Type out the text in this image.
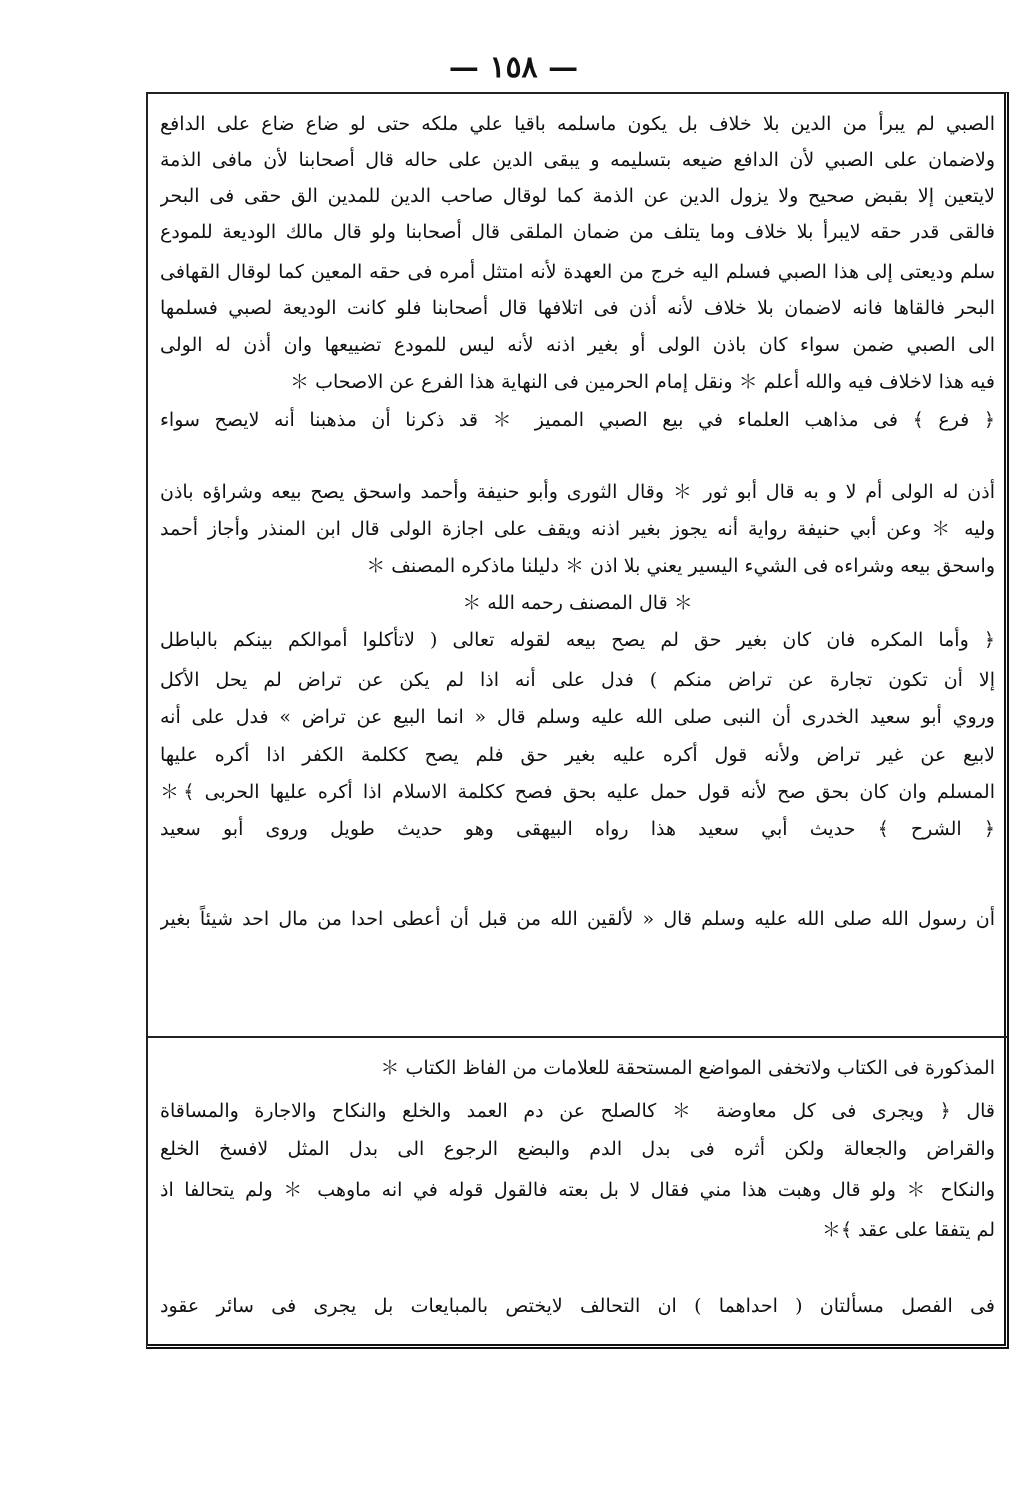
— ١٥٨ —
الصبي لم يبرأ من الدين بلا خلاف بل يكون ماسلمه باقيا علي ملكه حتى لو ضاع ضاع على الدافع
ولاضمان على الصبي لأن الدافع ضيعه بتسليمه و يبقى الدين على حاله قال أصحابنا لأن مافى الذمة
لايتعين إلا بقبض صحيح ولا يزول الدين عن الذمة كما لوقال صاحب الدين للمدين الق حقى فى البحر
فالقى قدر حقه لايبرأ بلا خلاف وما يتلف من ضمان الملقى قال أصحابنا ولو قال مالك الوديعة للمودع
سلم وديعتى إلى هذا الصبي فسلم اليه خرج من العهدة لأنه امتثل أمره فى حقه المعين كما لوقال القهافى
البحر فالقاها فانه لاضمان بلا خلاف لأنه أذن فى اتلافها قال أصحابنا فلو كانت الوديعة لصبي فسلمها
الى الصبي ضمن سواء كان باذن الولى أو بغير اذنه لأنه ليس للمودع تضييعها وان أذن له الولى
فيه هذا لاخلاف فيه والله أعلم ＊ ونقل إمام الحرمين فى النهاية هذا الفرع عن الاصحاب ＊
﴿ فرع ﴾ فى مذاهب العلماء في بيع الصبي المميز ＊ قد ذكرنا أن مذهبنا أنه لايصح سواء
أذن له الولى أم لا و به قال أبو ثور ＊ وقال الثورى وأبو حنيفة وأحمد واسحق يصح بيعه وشراؤه باذن
وليه ＊ وعن أبي حنيفة رواية أنه يجوز بغير اذنه ويقف على اجازة الولى قال ابن المنذر وأجاز أحمد
واسحق بيعه وشراءه فى الشيء اليسير يعني بلا اذن ＊ دليلنا ماذكره المصنف ＊
＊ قال المصنف رحمه الله ＊
﴿ وأما المكره فان كان بغير حق لم يصح بيعه لقوله تعالى ( لاتأكلوا أموالكم بينكم بالباطل
إلا أن تكون تجارة عن تراض منكم ) فدل على أنه اذا لم يكن عن تراض لم يحل الأكل
وروي أبو سعيد الخدرى أن النبى صلى الله عليه وسلم قال « انما البيع عن تراض » فدل على أنه
لابيع عن غير تراض ولأنه قول أكره عليه بغير حق فلم يصح ككلمة الكفر اذا أكره عليها
المسلم وان كان بحق صح لأنه قول حمل عليه بحق فصح ككلمة الاسلام اذا أكره عليها الحربى ﴾＊
﴿ الشرح ﴾ حديث أبي سعيد هذا رواه البيهقى وهو حديث طويل وروى أبو سعيد
أن رسول الله صلى الله عليه وسلم قال « لألقين الله من قبل أن أعطى احدا من مال احد شيئاً بغير
المذكورة فى الكتاب ولاتخفى المواضع المستحقة للعلامات من الفاظ الكتاب ＊
قال ﴿ ويجرى فى كل معاوضة ＊ كالصلح عن دم العمد والخلع والنكاح والاجارة والمساقاة
والقراض والجعالة ولكن أثره فى بدل الدم والبضع الرجوع الى بدل المثل لافسخ الخلع
والنكاح ＊ ولو قال وهبت هذا مني فقال لا بل بعته فالقول قوله في انه ماوهب ＊ ولم يتحالفا اذ
لم يتفقا على عقد ﴾＊
فى الفصل مسألتان ( احداهما ) ان التحالف لايختص بالمبايعات بل يجرى فى سائر عقود
